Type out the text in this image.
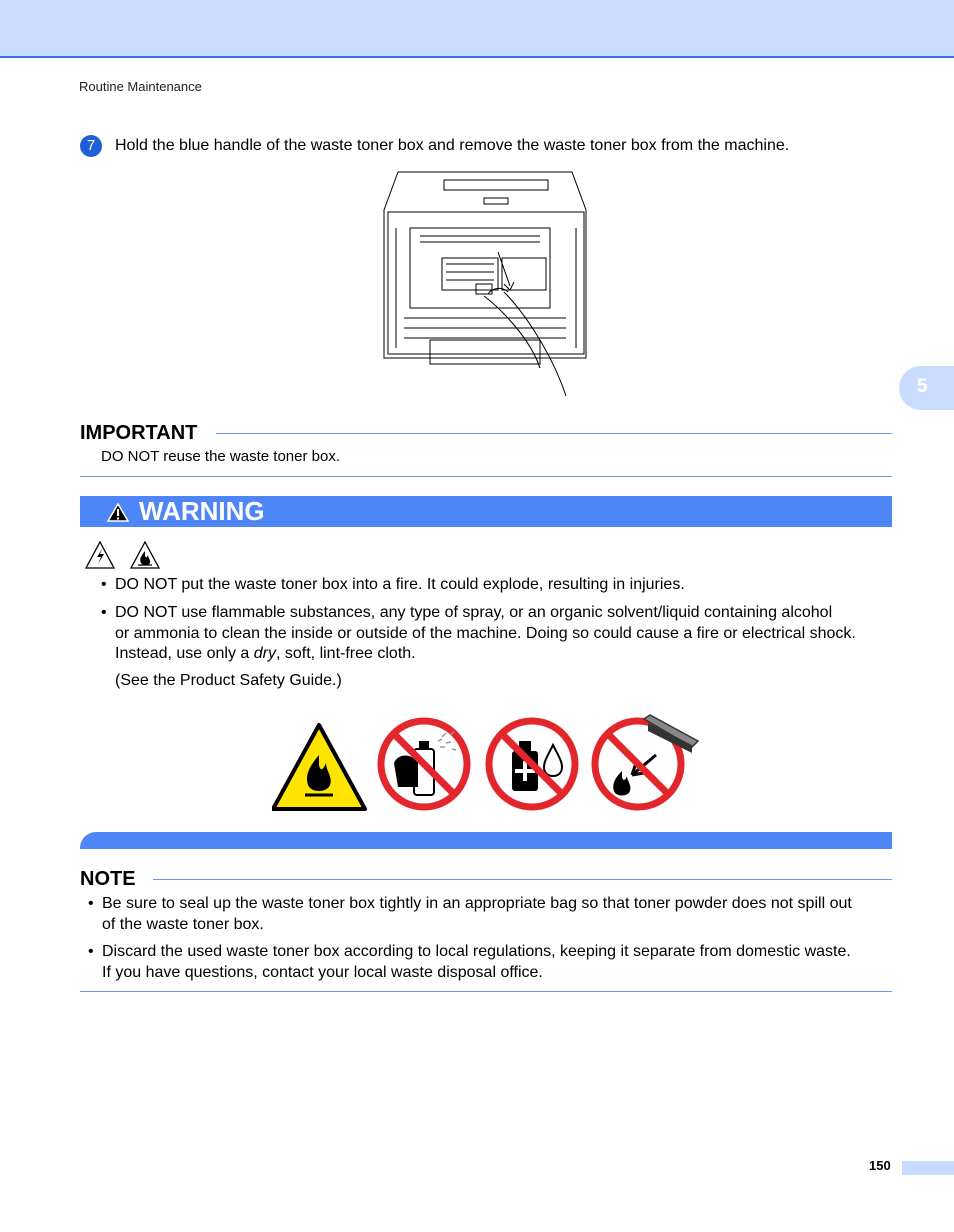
Routine Maintenance
7	Hold the blue handle of the waste toner box and remove the waste toner box from the machine.
5
IMPORTANT
DO NOT reuse the waste toner box.
WARNING
• DO NOT put the waste toner box into a fire. It could explode, resulting in injuries.
• DO NOT use flammable substances, any type of spray, or an organic solvent/liquid containing alcohol
or ammonia to clean the inside or outside of the machine. Doing so could cause a fire or electrical shock.
Instead, use only a dry, soft, lint-free cloth.
(See the Product Safety Guide.)
NOTE
• Be sure to seal up the waste toner box tightly in an appropriate bag so that toner powder does not spill out
of the waste toner box.
• Discard the used waste toner box according to local regulations, keeping it separate from domestic waste.
If you have questions, contact your local waste disposal office.
150
